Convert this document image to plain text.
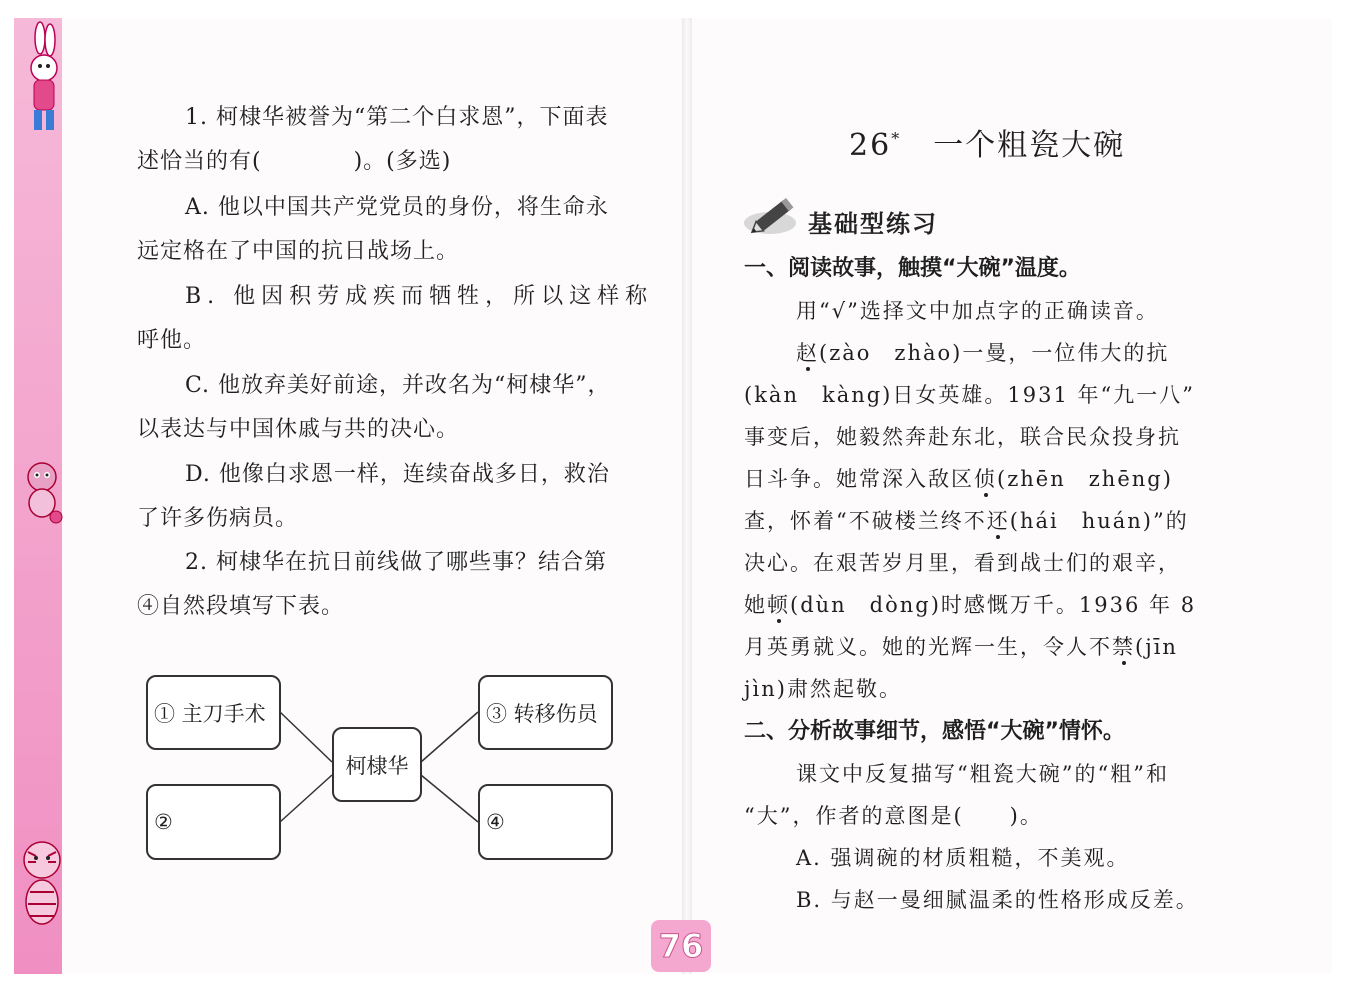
1. 柯棣华被誉为“第二个白求恩”，下面表
述恰当的有(　　　　)。(多选)
A. 他以中国共产党党员的身份，将生命永
远定格在了中国的抗日战场上。
B. 他因积劳成疾而牺牲，所以这样称
呼他。
C. 他放弃美好前途，并改名为“柯棣华”，
以表达与中国休戚与共的决心。
D. 他像白求恩一样，连续奋战多日，救治
了许多伤病员。
2. 柯棣华在抗日前线做了哪些事？结合第
④自然段填写下表。
① 主刀手术
②
柯棣华
③ 转移伤员
④
76
26*　 一个粗瓷大碗
基础型练习
一、阅读故事，触摸“大碗”温度。
用“√”选择文中加点字的正确读音。
赵(zào　zhào)一曼，一位伟大的抗
(kàn　kàng)日女英雄。1931 年“九一八”
事变后，她毅然奔赴东北，联合民众投身抗
日斗争。她常深入敌区侦(zhēn　zhēng)
查，怀着“不破楼兰终不还(hái　huán)”的
决心。在艰苦岁月里，看到战士们的艰辛，
她顿(dùn　dòng)时感慨万千。1936 年 8
月英勇就义。她的光辉一生，令人不禁(jīn
jìn)肃然起敬。
二、分析故事细节，感悟“大碗”情怀。
课文中反复描写“粗瓷大碗”的“粗”和
“大”，作者的意图是(　　)。
A. 强调碗的材质粗糙，不美观。
B. 与赵一曼细腻温柔的性格形成反差。
